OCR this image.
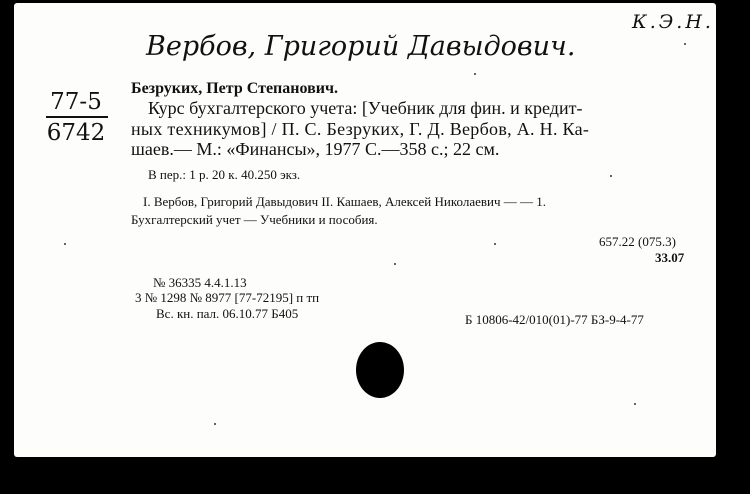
К.Э.Н.
Вербов, Григорий Давыдович.
77-5
6742
Безруких, Петр Степанович.
Курс бухгалтерского учета: [Учебник для фин. и кредит-
ных техникумов] / П. С. Безруких, Г. Д. Вербов, А. Н. Ка-
шаев.— М.: «Финансы», 1977 С.—358 с.; 22 см.
В пер.: 1 р. 20 к. 40.250 экз.
I. Вербов, Григорий Давыдович II. Кашаев, Алексей Николаевич — — 1.
Бухгалтерский учет — Учебники и пособия.
657.22 (075.3)
33.07
№ 36335 4.4.1.13
3 № 1298 № 8977 [77-72195] п тп
Вс. кн. пал. 06.10.77 Б405	Б 10806-42/010(01)-77 БЗ-9-4-77
